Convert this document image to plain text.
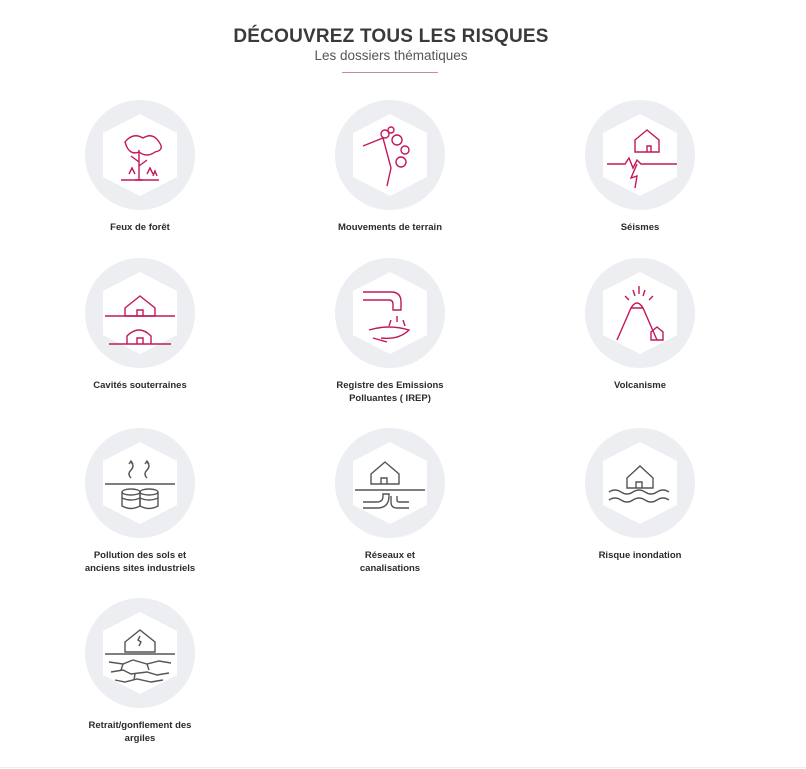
DÉCOUVREZ TOUS LES RISQUES

Les dossiers thématiques

Feux de forêt	Mouvements de terrain	Séismes
Cavités souterraines	Registre des Emissions
Polluantes ( IREP)
Volcanisme
Pollution des sols et
anciens sites industriels
Réseaux et
canalisations
Risque inondation
Retrait/gonflement des
argiles
